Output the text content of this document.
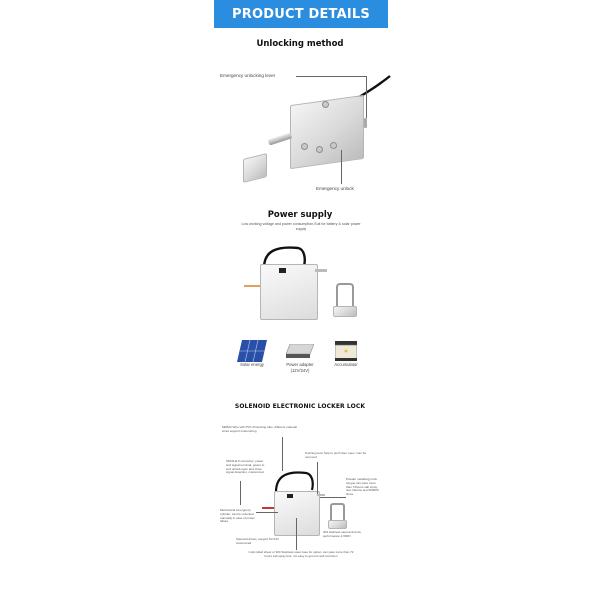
PRODUCT DETAILS
Unlocking method
Emergency unlocking lever
Emergency unlock
Power supply
Low working voltage and power consumption,Suit for battery & solar power supply
Solar energy	Power adapter
(12V/24V)
Accumulator
SOLENOID ELECTRONIC LOCKER LOCK
MR622 Wire with PVC Protecting tube, different material wires support customizing
Pushing lever help to push door open. Can be removed
SM/XH2.5 connector, power and signal terminal, power to end unlock,open and close signal detection, customized
Powder metallurgy lock tongue can pass more than 72hours salt spray test, lifetime test 500000 times
Mechanical emergency cylinder, can be unlocked manually in case of power failure
Solenoid drives, support 5V-24V customized
304 stainless steel,anti-force performance 2-500N
Cold-rolled sheet or 304 Stainless steel case for option, can pass more than 72 hours salt spray test, not easy to get rust and corrosion
